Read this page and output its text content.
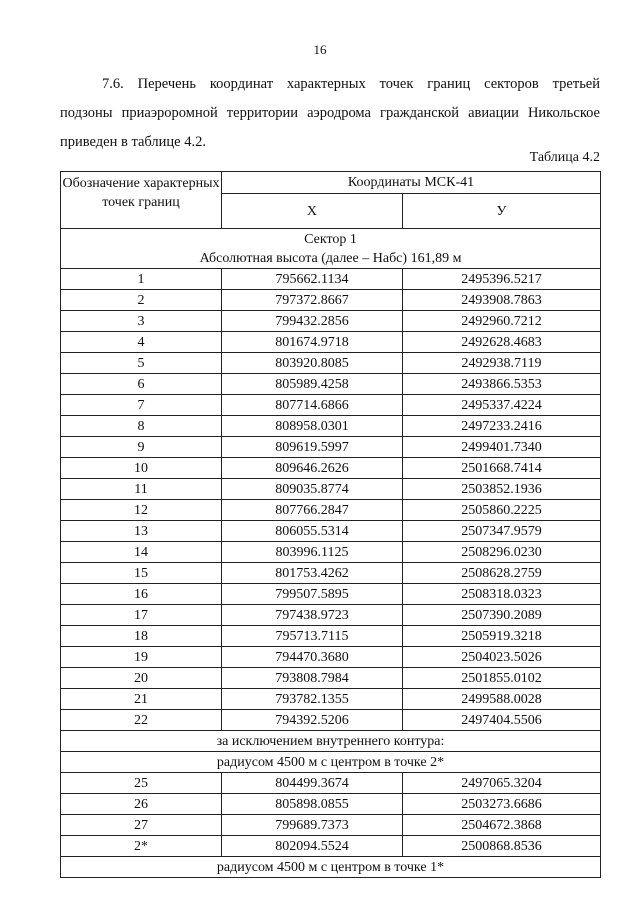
16
7.6. Перечень координат характерных точек границ секторов третьей
подзоны приаэроромной территории аэродрома гражданской авиации Никольское
приведен в таблице 4.2.
Таблица 4.2
Обозначение характерных точек границ	Координаты МСК-41	
	Х	У

Сектор 1
Абсолютная высота (далее – Набс) 161,89 м		

1	795662.1134	2495396.5217
2	797372.8667	2493908.7863
3	799432.2856	2492960.7212
4	801674.9718	2492628.4683
5	803920.8085	2492938.7119
6	805989.4258	2493866.5353
7	807714.6866	2495337.4224
8	808958.0301	2497233.2416
9	809619.5997	2499401.7340
10	809646.2626	2501668.7414
11	809035.8774	2503852.1936
12	807766.2847	2505860.2225
13	806055.5314	2507347.9579
14	803996.1125	2508296.0230
15	801753.4262	2508628.2759
16	799507.5895	2508318.0323
17	797438.9723	2507390.2089
18	795713.7115	2505919.3218
19	794470.3680	2504023.5026
20	793808.7984	2501855.0102
21	793782.1355	2499588.0028
22	794392.5206	2497404.5506
за исключением внутреннего контура:		
радиусом 4500 м с центром в точке 2*		
25	804499.3674	2497065.3204
26	805898.0855	2503273.6686
27	799689.7373	2504672.3868
2*	802094.5524	2500868.8536
радиусом 4500 м с центром в точке 1*		
